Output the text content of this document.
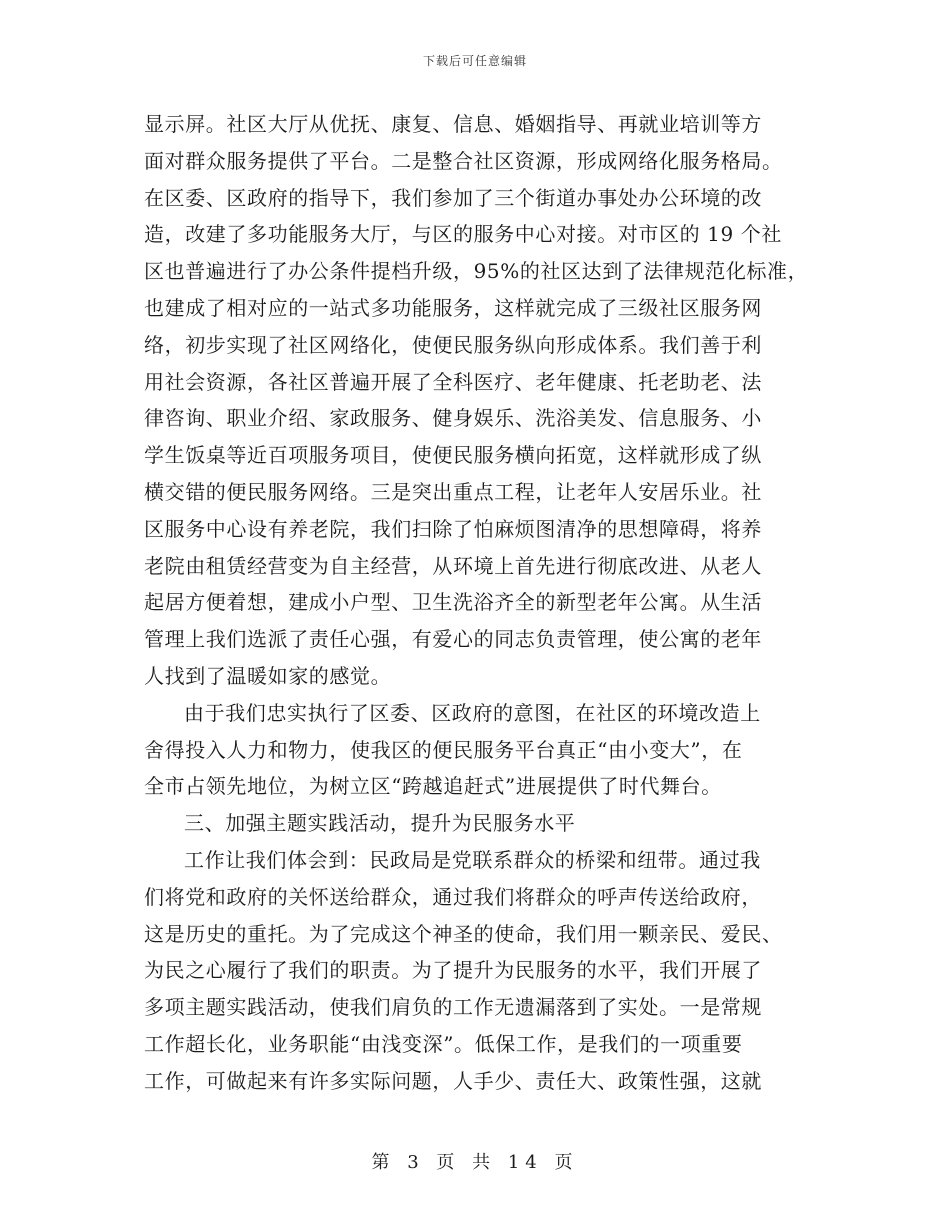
下载后可任意编辑
显示屏。社区大厅从优抚、康复、信息、婚姻指导、再就业培训等方
面对群众服务提供了平台。二是整合社区资源，形成网络化服务格局。
在区委、区政府的指导下，我们参加了三个街道办事处办公环境的改
造，改建了多功能服务大厅，与区的服务中心对接。对市区的 19 个社
区也普遍进行了办公条件提档升级，95%的社区达到了法律规范化标准，
也建成了相对应的一站式多功能服务，这样就完成了三级社区服务网
络，初步实现了社区网络化，使便民服务纵向形成体系。我们善于利
用社会资源，各社区普遍开展了全科医疗、老年健康、托老助老、法
律咨询、职业介绍、家政服务、健身娱乐、洗浴美发、信息服务、小
学生饭桌等近百项服务项目，使便民服务横向拓宽，这样就形成了纵
横交错的便民服务网络。三是突出重点工程，让老年人安居乐业。社
区服务中心设有养老院，我们扫除了怕麻烦图清净的思想障碍，将养
老院由租赁经营变为自主经营，从环境上首先进行彻底改进、从老人
起居方便着想，建成小户型、卫生洗浴齐全的新型老年公寓。从生活
管理上我们选派了责任心强，有爱心的同志负责管理，使公寓的老年
人找到了温暖如家的感觉。
由于我们忠实执行了区委、区政府的意图，在社区的环境改造上
舍得投入人力和物力，使我区的便民服务平台真正“由小变大”，在
全市占领先地位，为树立区“跨越追赶式”进展提供了时代舞台。
三、加强主题实践活动，提升为民服务水平
工作让我们体会到：民政局是党联系群众的桥梁和纽带。通过我
们将党和政府的关怀送给群众，通过我们将群众的呼声传送给政府，
这是历史的重托。为了完成这个神圣的使命，我们用一颗亲民、爱民、
为民之心履行了我们的职责。为了提升为民服务的水平，我们开展了
多项主题实践活动，使我们肩负的工作无遗漏落到了实处。一是常规
工作超长化，业务职能“由浅变深”。低保工作，是我们的一项重要
工作，可做起来有许多实际问题，人手少、责任大、政策性强，这就
第 3 页 共 14 页
